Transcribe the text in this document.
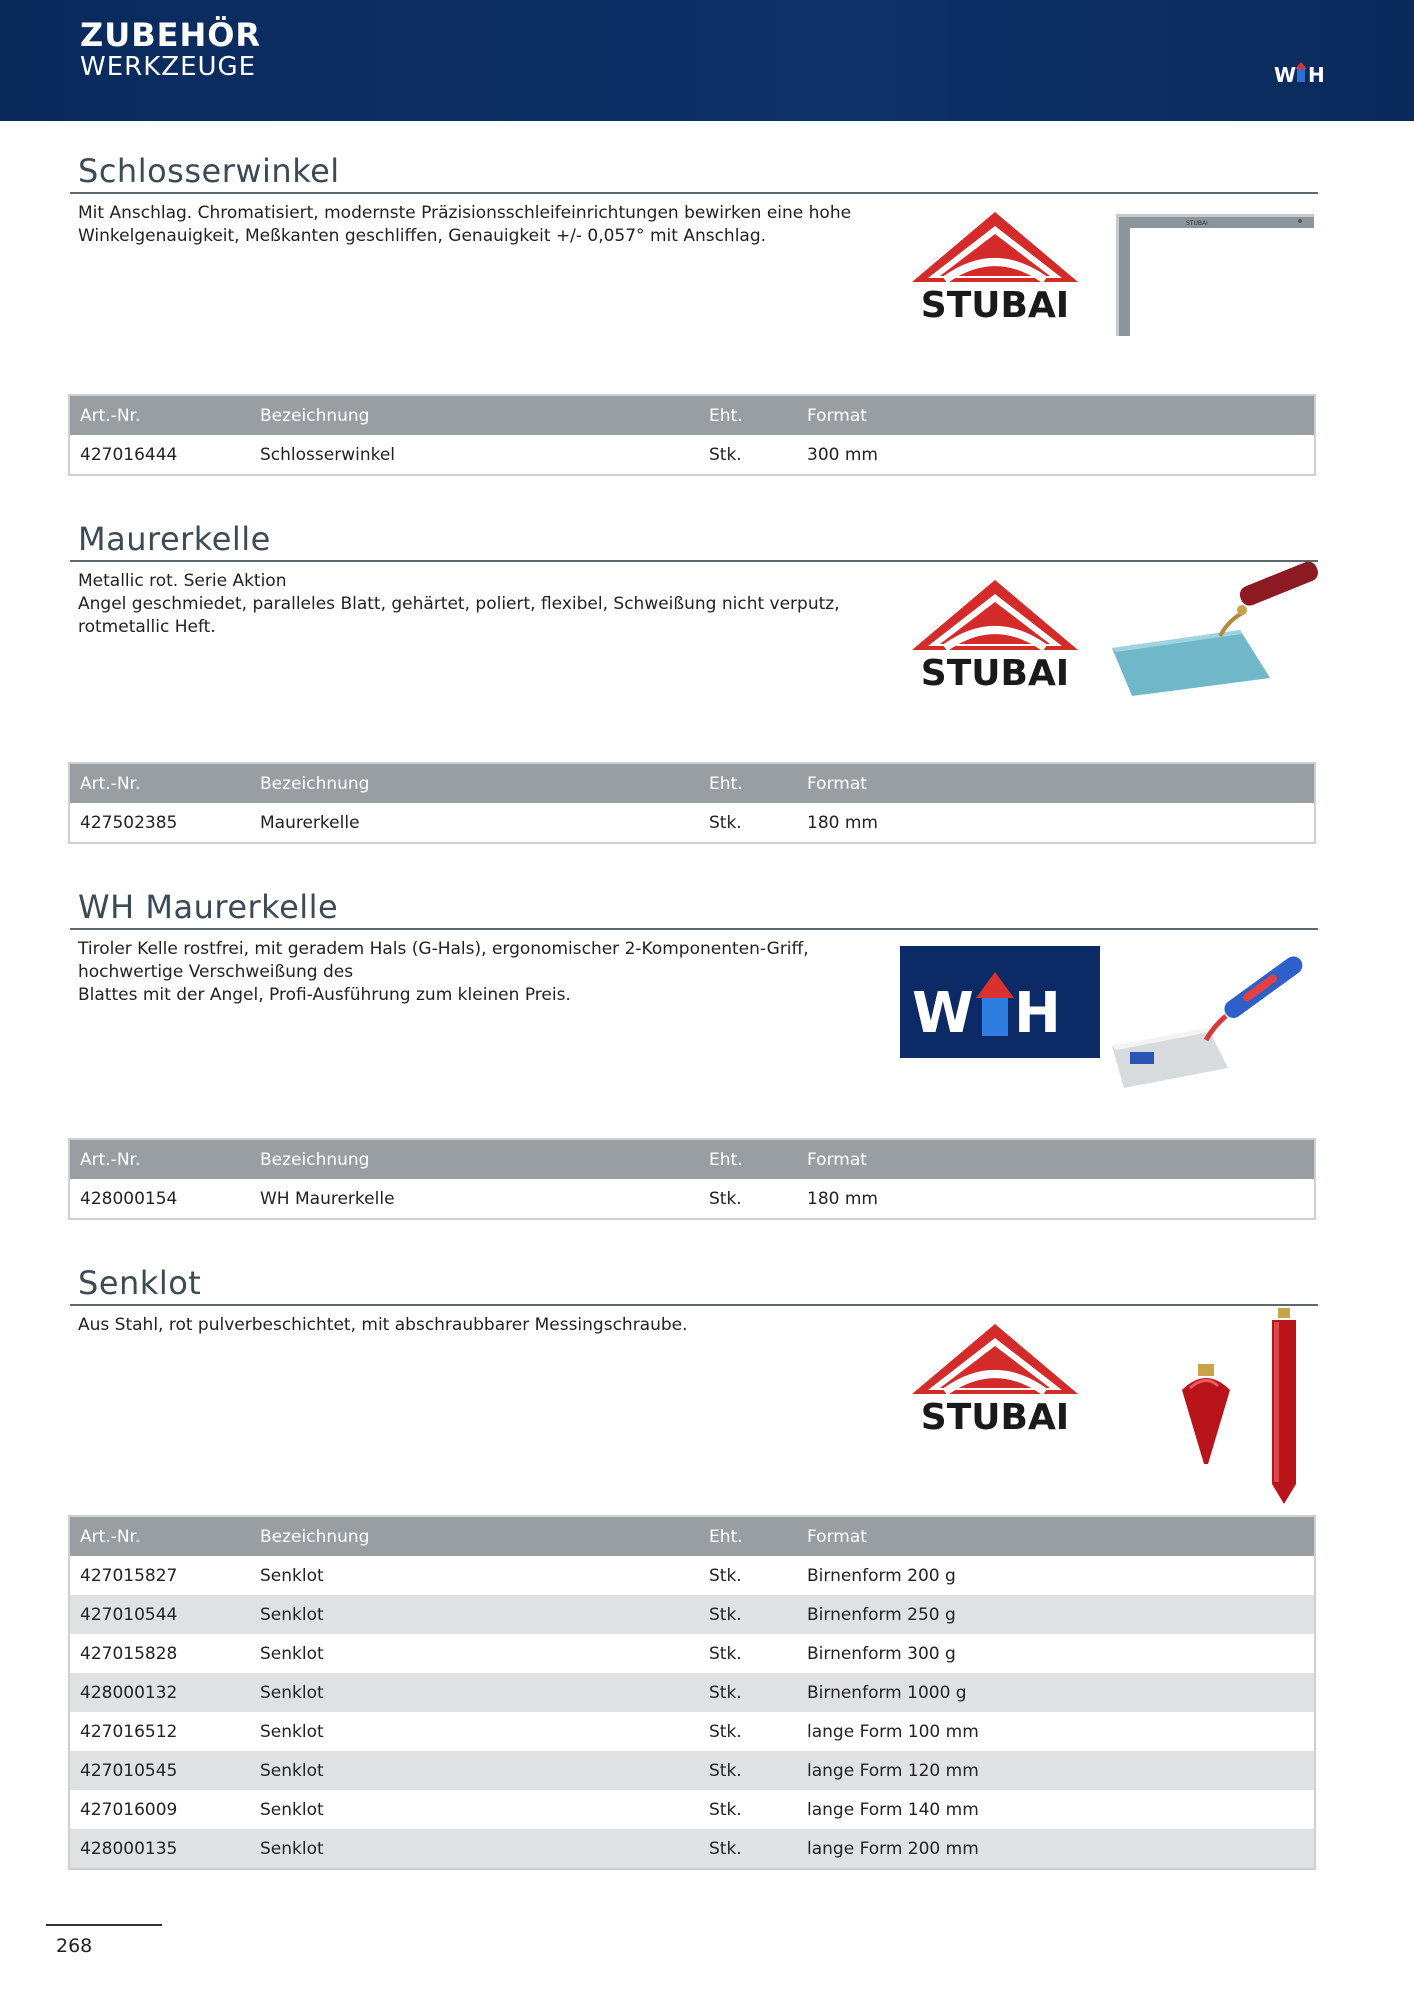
ZUBEHÖR
WERKZEUGE	W H
Schlosserwinkel
Mit Anschlag. Chromatisiert, modernste Präzisionsschleifeinrichtungen bewirken eine hohe
Winkelgenauigkeit, Meßkanten geschliffen, Genauigkeit +/- 0,057° mit Anschlag.
STUBAI
STUBAI
Art.-Nr.	Bezeichnung	Eht.	Format
427016444	Schlosserwinkel	Stk.	300 mm
Maurerkelle
Metallic rot. Serie Aktion
Angel geschmiedet, paralleles Blatt, gehärtet, poliert, flexibel, Schweißung nicht verputz,
rotmetallic Heft.
STUBAI
Art.-Nr.	Bezeichnung	Eht.	Format
427502385	Maurerkelle	Stk.	180 mm
WH Maurerkelle
Tiroler Kelle rostfrei, mit geradem Hals (G-Hals), ergonomischer 2-Komponenten-Griff,
hochwertige Verschweißung des
Blattes mit der Angel, Profi-Ausführung zum kleinen Preis.	W H
Art.-Nr.	Bezeichnung	Eht.	Format
428000154	WH Maurerkelle	Stk.	180 mm
Senklot
Aus Stahl, rot pulverbeschichtet, mit abschraubbarer Messingschraube.
STUBAI
Art.-Nr.	Bezeichnung	Eht.	Format
427015827	Senklot	Stk.	Birnenform 200 g
427010544	Senklot	Stk.	Birnenform 250 g
427015828	Senklot	Stk.	Birnenform 300 g
428000132	Senklot	Stk.	Birnenform 1000 g
427016512	Senklot	Stk.	lange Form 100 mm
427010545	Senklot	Stk.	lange Form 120 mm
427016009	Senklot	Stk.	lange Form 140 mm
428000135	Senklot	Stk.	lange Form 200 mm
268
